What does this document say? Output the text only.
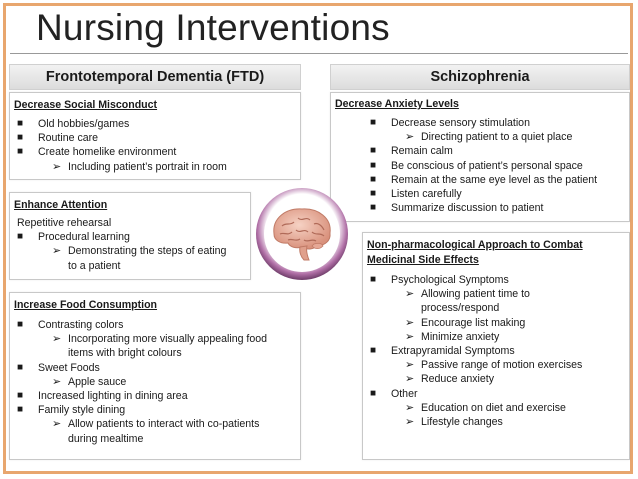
Nursing Interventions
Frontotemporal Dementia (FTD)	Schizophrenia
Decrease Social Misconduct
■ Old hobbies/games
■ Routine care
■ Create homelike environment
➢ Including patient’s portrait in room
Enhance Attention
Repetitive rehearsal
■ Procedural learning
➢ Demonstrating the steps of eating
to a patient
Increase Food Consumption
■ Contrasting colors
➢ Incorporating more visually appealing food
items with bright colours
■ Sweet Foods
➢ Apple sauce
■ Increased lighting in dining area
■ Family style dining
➢ Allow patients to interact with co-patients
during mealtime
Decrease Anxiety Levels
■ Decrease sensory stimulation
➢ Directing patient to a quiet place
■ Remain calm
■ Be conscious of patient’s personal space
■ Remain at the same eye level as the patient
■ Listen carefully
■ Summarize discussion to patient
Non-pharmacological Approach to Combat
Medicinal Side Effects
■ Psychological Symptoms
➢ Allowing patient time to
process/respond
➢ Encourage list making
➢ Minimize anxiety
■ Extrapyramidal Symptoms
➢ Passive range of motion exercises
➢ Reduce anxiety
■ Other
➢ Education on diet and exercise
➢ Lifestyle changes
